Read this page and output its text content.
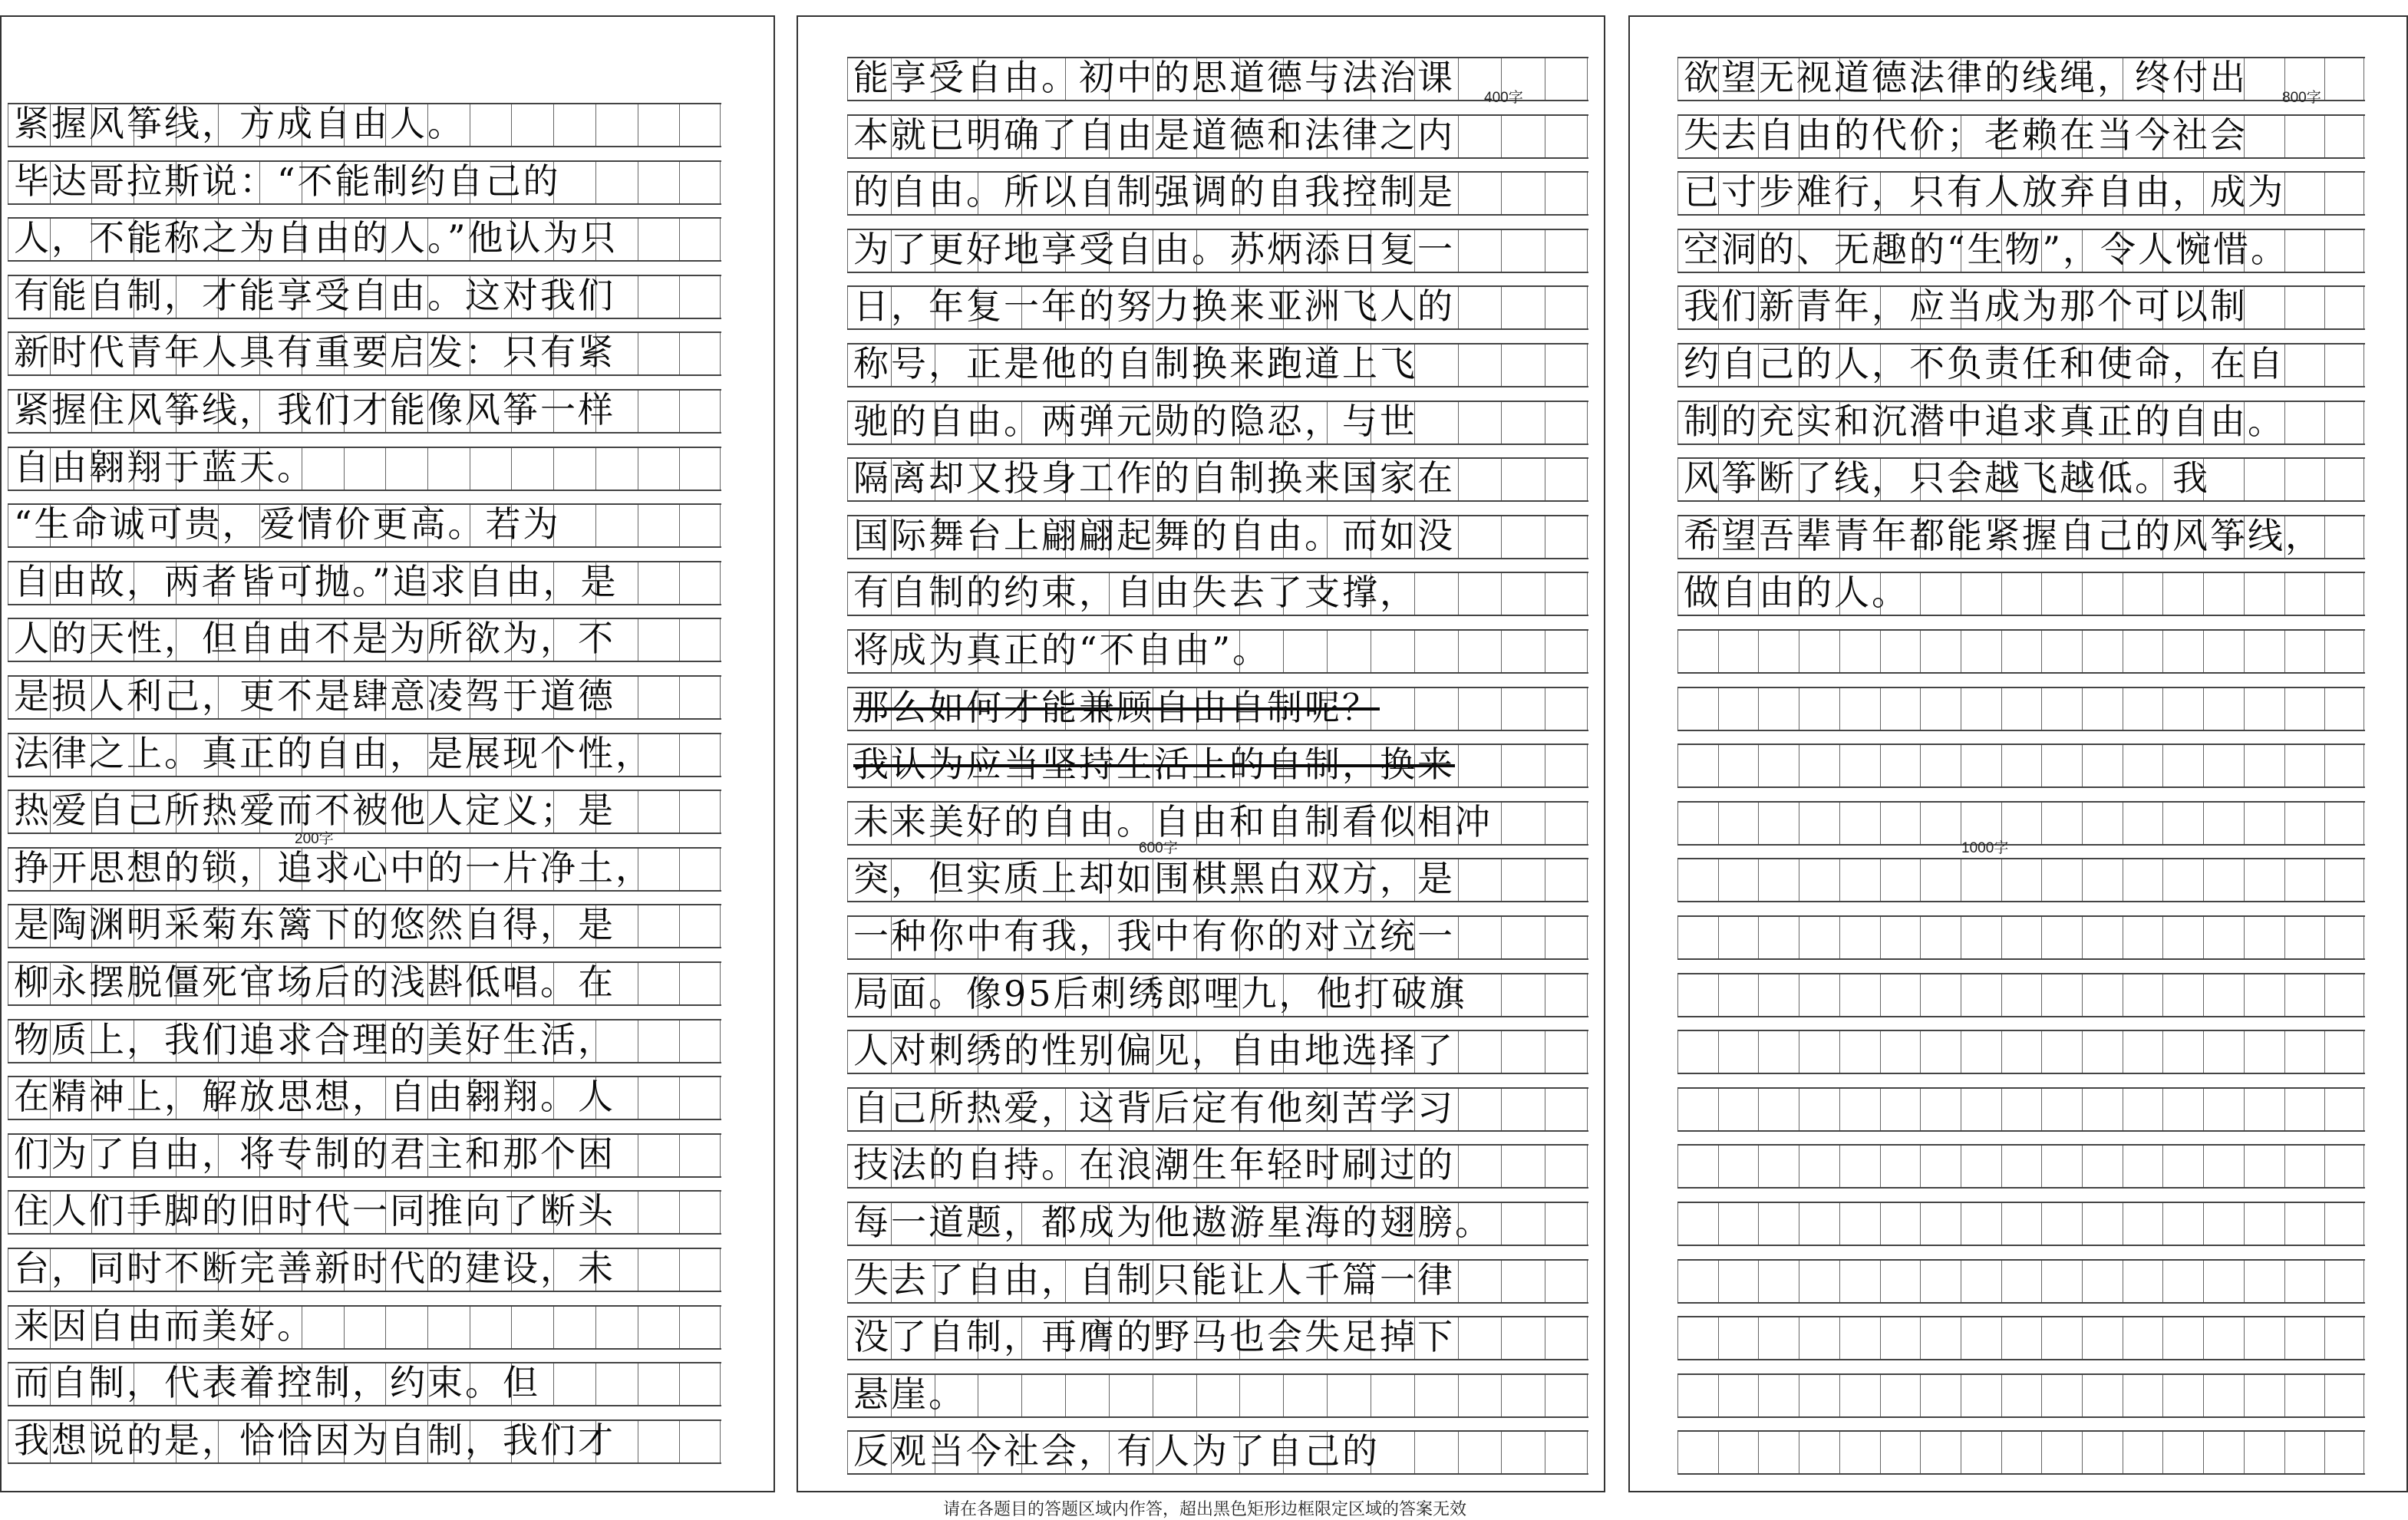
紧握风筝线，方成自由人。
毕达哥拉斯说：“不能制约自己的
人，不能称之为自由的人。”他认为只
有能自制，才能享受自由。这对我们
新时代青年人具有重要启发：只有紧
紧握住风筝线，我们才能像风筝一样
自由翱翔于蓝天。
“生命诚可贵，爱情价更高。若为
自由故，两者皆可抛。”追求自由，是
人的天性，但自由不是为所欲为，不
是损人利己，更不是肆意凌驾于道德
法律之上。真正的自由，是展现个性，
热爱自己所热爱而不被他人定义；是
挣开思想的锁，追求心中的一片净土，
是陶渊明采菊东篱下的悠然自得，是
柳永摆脱僵死官场后的浅斟低唱。在
物质上，我们追求合理的美好生活，
在精神上，解放思想，自由翱翔。人
们为了自由，将专制的君主和那个困
住人们手脚的旧时代一同推向了断头
台，同时不断完善新时代的建设，未
来因自由而美好。
而自制，代表着控制，约束。但
我想说的是，恰恰因为自制，我们才
能享受自由。初中的思道德与法治课
本就已明确了自由是道德和法律之内
的自由。所以自制强调的自我控制是
为了更好地享受自由。苏炳添日复一
日，年复一年的努力换来亚洲飞人的
称号，正是他的自制换来跑道上飞
驰的自由。两弹元勋的隐忍，与世
隔离却又投身工作的自制换来国家在
国际舞台上翩翩起舞的自由。而如没
有自制的约束，自由失去了支撑，
将成为真正的“不自由”。
那么如何才能兼顾自由自制呢？
我认为应当坚持生活上的自制，换来
未来美好的自由。自由和自制看似相冲
突，但实质上却如围棋黑白双方，是
一种你中有我，我中有你的对立统一
局面。像95后刺绣郎哩九，他打破旗
人对刺绣的性别偏见，自由地选择了
自己所热爱，这背后定有他刻苦学习
技法的自持。在浪潮生年轻时刷过的
每一道题，都成为他遨游星海的翅膀。
失去了自由，自制只能让人千篇一律
没了自制，再膺的野马也会失足掉下
悬崖。
反观当今社会，有人为了自己的
欲望无视道德法律的线绳，终付出
失去自由的代价；老赖在当今社会
已寸步难行，只有人放弃自由，成为
空洞的、无趣的“生物”，令人惋惜。
我们新青年，应当成为那个可以制
约自己的人，不负责任和使命，在自
制的充实和沉潜中追求真正的自由。
风筝断了线，只会越飞越低。我
希望吾辈青年都能紧握自己的风筝线，
做自由的人。
200字
400字
600字
800字
1000字
请在各题目的答题区域内作答，超出黑色矩形边框限定区域的答案无效
